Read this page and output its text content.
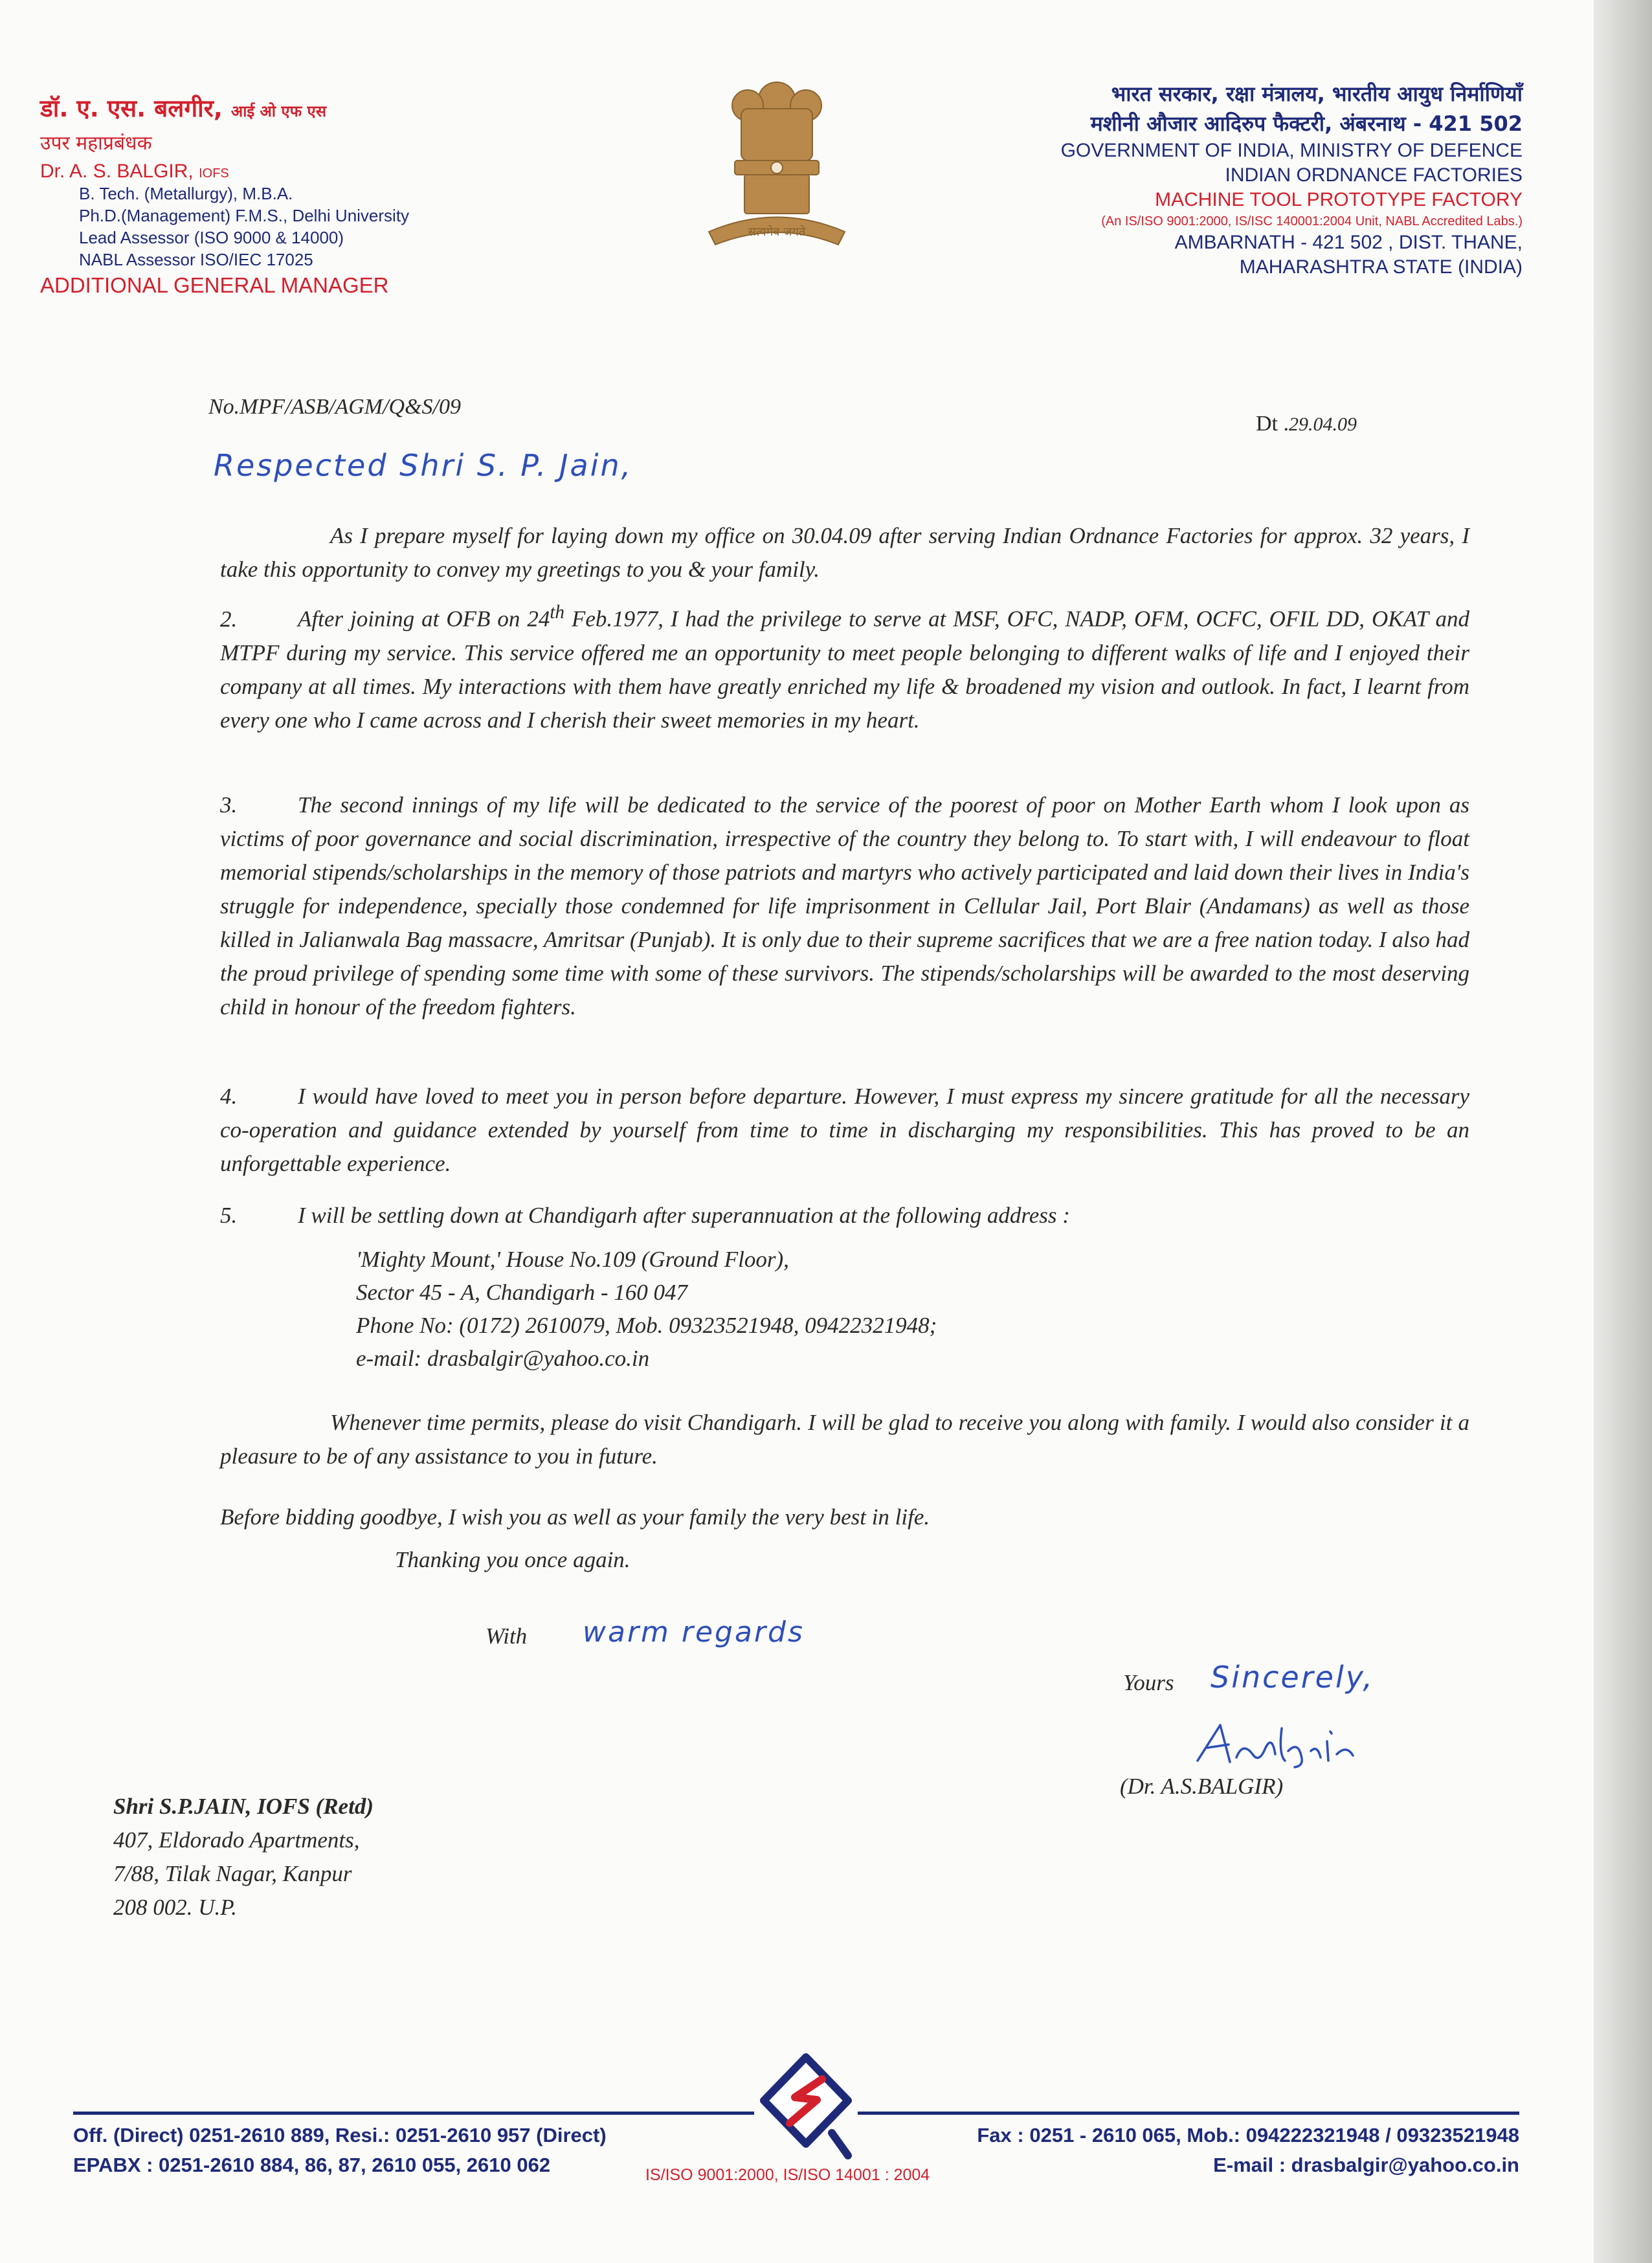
डॉ. ए. एस. बलगीर, आई ओ एफ एस
उपर महाप्रबंधक
Dr. A. S. BALGIR, IOFS
B. Tech. (Metallurgy), M.B.A.
Ph.D.(Management) F.M.S., Delhi University
Lead Assessor (ISO 9000 & 14000)
NABL Assessor ISO/IEC 17025
ADDITIONAL GENERAL MANAGER
सत्यमेव जयते
भारत सरकार, रक्षा मंत्रालय, भारतीय आयुध निर्माणियाँ
मशीनी औजार आदिरुप फैक्टरी, अंबरनाथ - 421 502
GOVERNMENT OF INDIA, MINISTRY OF DEFENCE
INDIAN ORDNANCE FACTORIES
MACHINE TOOL PROTOTYPE FACTORY
(An IS/ISO 9001:2000, IS/ISC 140001:2004 Unit, NABL Accredited Labs.)
AMBARNATH - 421 502 , DIST. THANE,
MAHARASHTRA STATE (INDIA)
No.MPF/ASB/AGM/Q&S/09
Dt .29.04.09
Respected Shri S. P. Jain,
As I prepare myself for laying down my office on 30.04.09 after serving Indian Ordnance Factories for approx. 32 years, I take this opportunity to convey my greetings to you & your family.
2.	After joining at OFB on 24th Feb.1977, I had the privilege to serve at MSF, OFC, NADP, OFM, OCFC, OFIL DD, OKAT and MTPF during my service. This service offered me an opportunity to meet people belonging to different walks of life and I enjoyed their company at all times. My interactions with them have greatly enriched my life & broadened my vision and outlook. In fact, I learnt from every one who I came across and I cherish their sweet memories in my heart.
3.	The second innings of my life will be dedicated to the service of the poorest of poor on Mother Earth whom I look upon as victims of poor governance and social discrimination, irrespective of the country they belong to. To start with, I will endeavour to float memorial stipends/scholarships in the memory of those patriots and martyrs who actively participated and laid down their lives in India's struggle for independence, specially those condemned for life imprisonment in Cellular Jail, Port Blair (Andamans) as well as those killed in Jalianwala Bag massacre, Amritsar (Punjab). It is only due to their supreme sacrifices that we are a free nation today. I also had the proud privilege of spending some time with some of these survivors. The stipends/scholarships will be awarded to the most deserving child in honour of the freedom fighters.
4.	I would have loved to meet you in person before departure. However, I must express my sincere gratitude for all the necessary co-operation and guidance extended by yourself from time to time in discharging my responsibilities. This has proved to be an unforgettable experience.
5.	I will be settling down at Chandigarh after superannuation at the following address :
'Mighty Mount,' House No.109 (Ground Floor),
Sector 45 - A, Chandigarh - 160 047
Phone No: (0172) 2610079, Mob. 09323521948, 09422321948;
e-mail: drasbalgir@yahoo.co.in
Whenever time permits, please do visit Chandigarh. I will be glad to receive you along with family. I would also consider it a pleasure to be of any assistance to you in future.
Before bidding goodbye, I wish you as well as your family the very best in life.
Thanking you once again.
With warm regards
Yours Sincerely,
(Dr. A.S.BALGIR)
Shri S.P.JAIN, IOFS (Retd)
407, Eldorado Apartments,
7/88, Tilak Nagar, Kanpur
208 002. U.P.
Off. (Direct) 0251-2610 889, Resi.: 0251-2610 957 (Direct)
EPABX : 0251-2610 884, 86, 87, 2610 055, 2610 062
Fax : 0251 - 2610 065, Mob.: 094222321948 / 09323521948
E-mail : drasbalgir@yahoo.co.in
IS/ISO 9001:2000, IS/ISO 14001 : 2004
